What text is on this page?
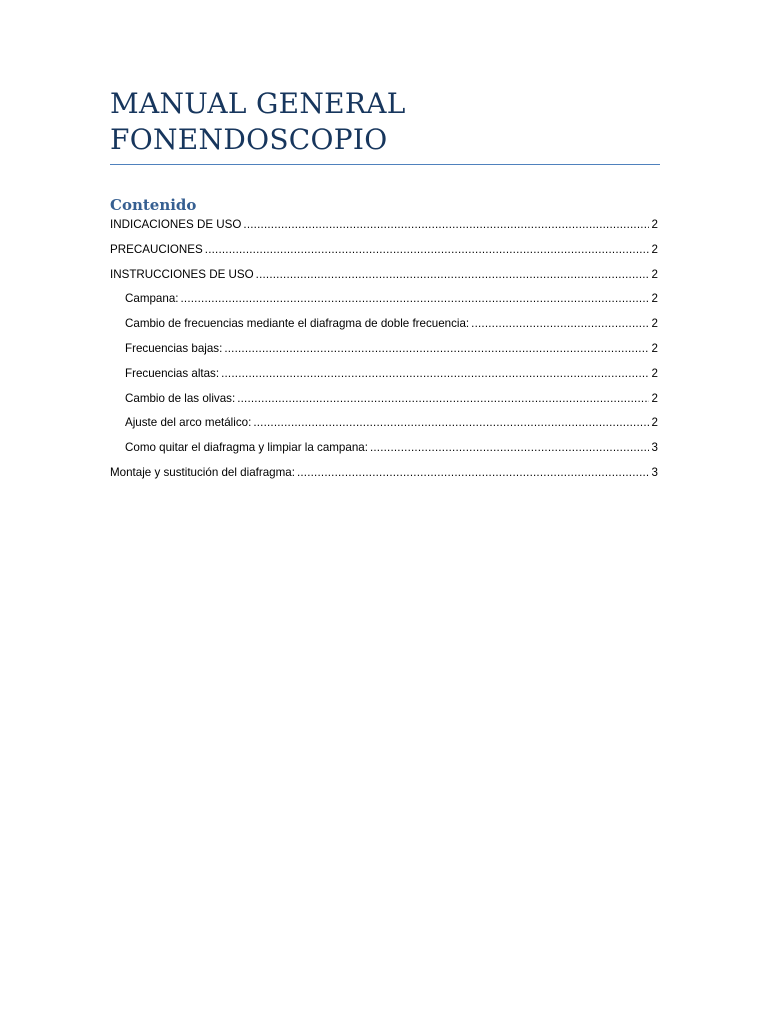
MANUAL GENERAL
FONENDOSCOPIO
Contenido
INDICACIONES DE USO .....	2
PRECAUCIONES .....	2
INSTRUCCIONES DE USO .....	2
Campana: .....	2
Cambio de frecuencias mediante el diafragma de doble frecuencia: .....	2
Frecuencias bajas: .....	2
Frecuencias altas: .....	2
Cambio de las olivas: .....	2
Ajuste del arco metálico: .....	2
Como quitar el diafragma y limpiar la campana: .....	3
Montaje y sustitución del diafragma: .....	3
